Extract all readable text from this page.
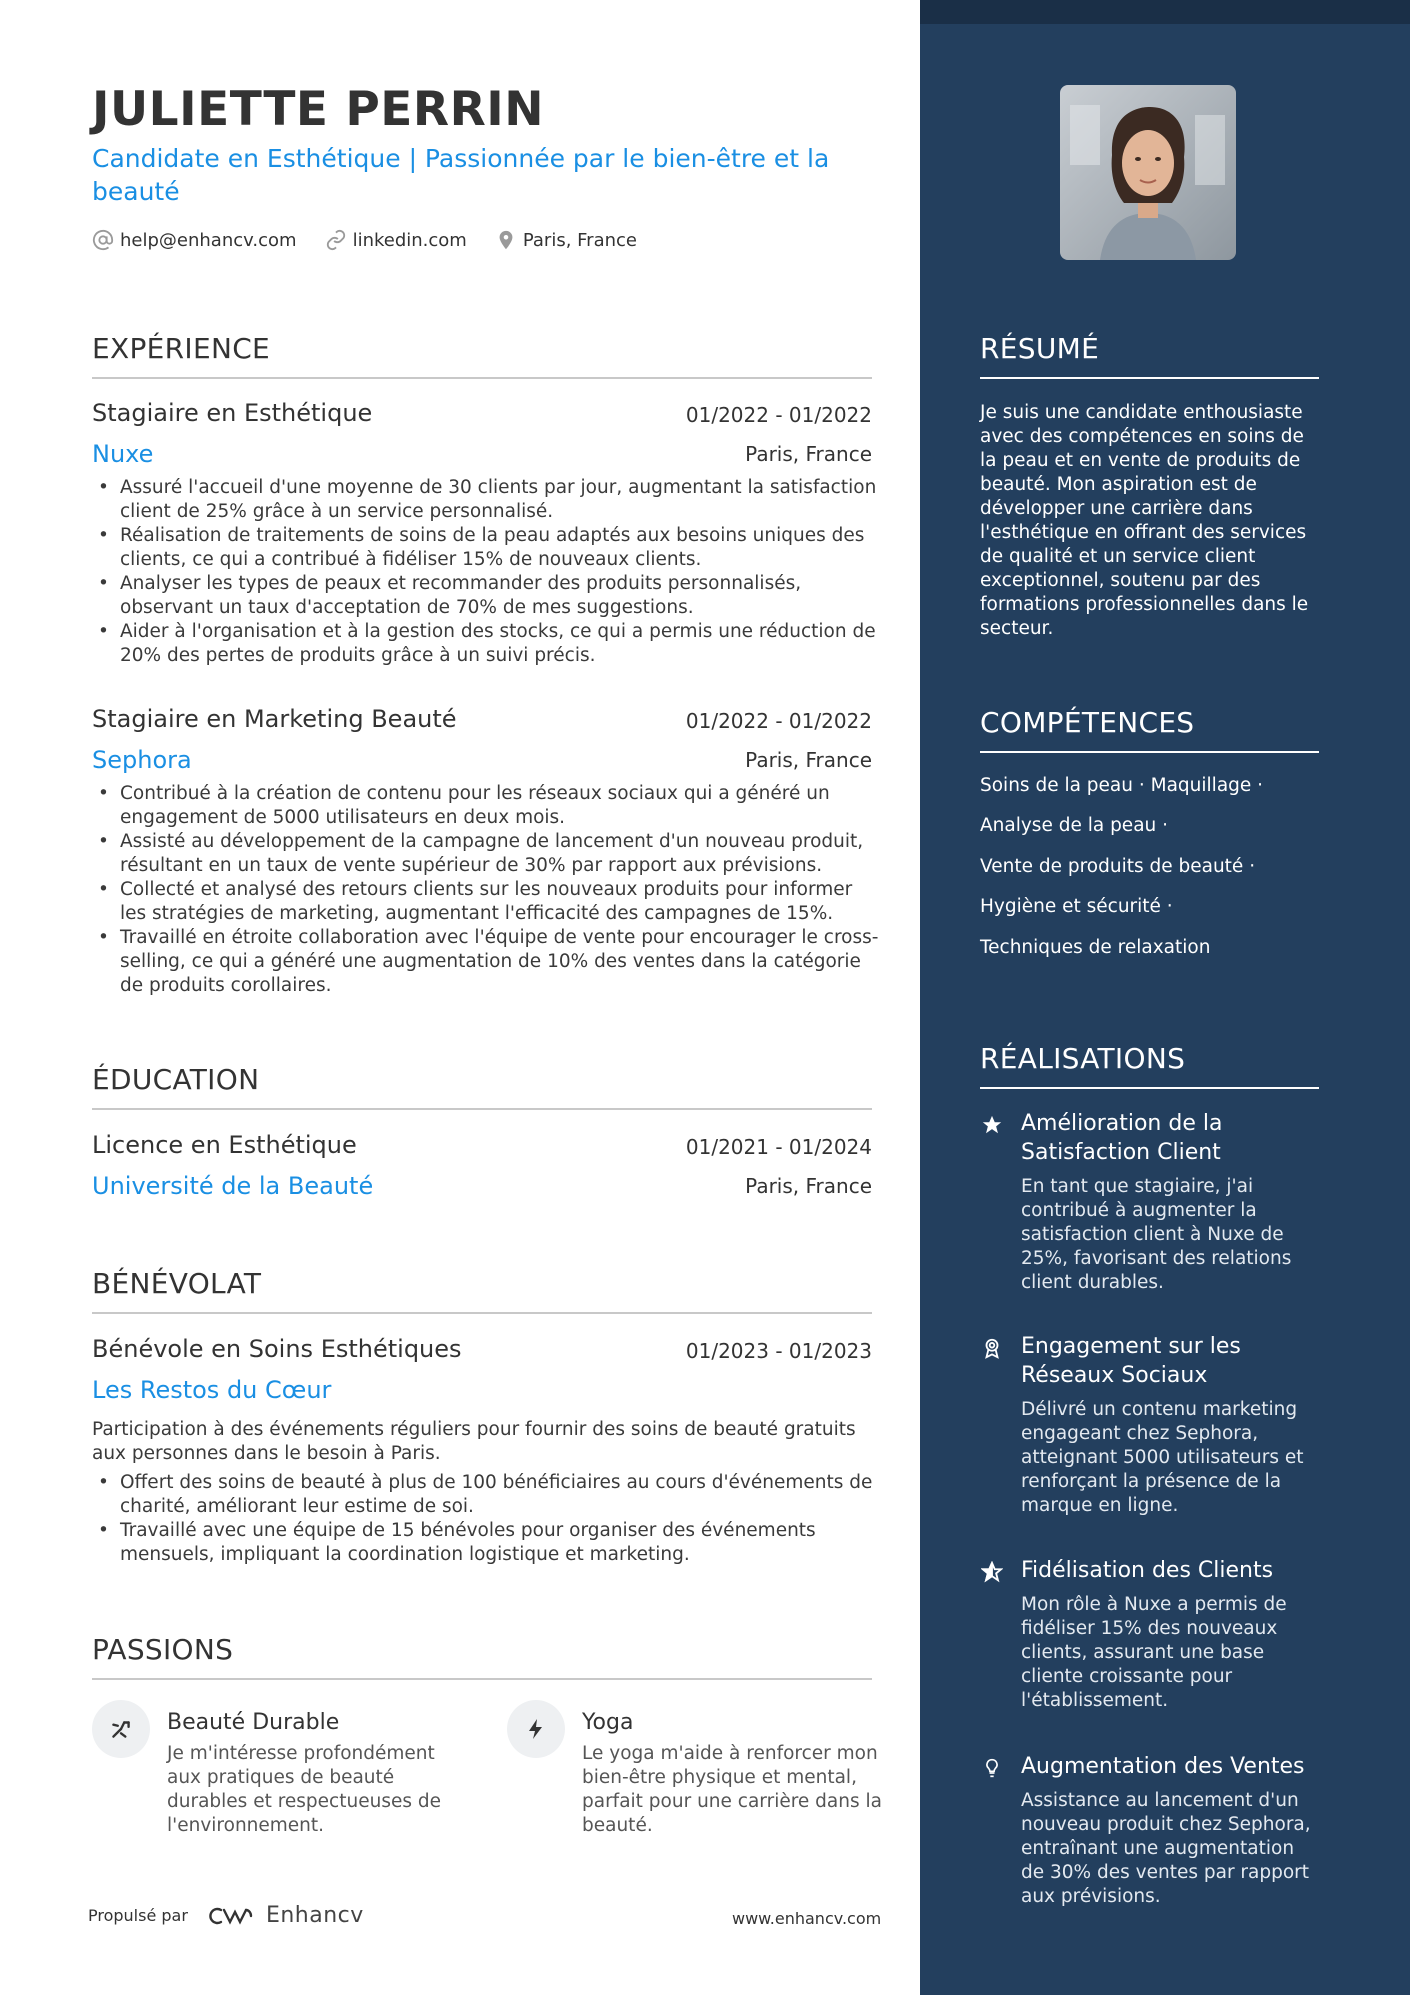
JULIETTE PERRIN
Candidate en Esthétique | Passionnée par le bien-être et la beauté
help@enhancv.com	linkedin.com	Paris, France
EXPÉRIENCE
Stagiaire en Esthétique	01/2022 - 01/2022
Nuxe	Paris, France
• Assuré l'accueil d'une moyenne de 30 clients par jour, augmentant la satisfaction client de 25% grâce à un service personnalisé.
• Réalisation de traitements de soins de la peau adaptés aux besoins uniques des clients, ce qui a contribué à fidéliser 15% de nouveaux clients.
• Analyser les types de peaux et recommander des produits personnalisés, observant un taux d'acceptation de 70% de mes suggestions.
• Aider à l'organisation et à la gestion des stocks, ce qui a permis une réduction de 20% des pertes de produits grâce à un suivi précis.
Stagiaire en Marketing Beauté	01/2022 - 01/2022
Sephora	Paris, France
• Contribué à la création de contenu pour les réseaux sociaux qui a généré un engagement de 5000 utilisateurs en deux mois.
• Assisté au développement de la campagne de lancement d'un nouveau produit, résultant en un taux de vente supérieur de 30% par rapport aux prévisions.
• Collecté et analysé des retours clients sur les nouveaux produits pour informer les stratégies de marketing, augmentant l'efficacité des campagnes de 15%.
• Travaillé en étroite collaboration avec l'équipe de vente pour encourager le cross-selling, ce qui a généré une augmentation de 10% des ventes dans la catégorie de produits corollaires.
ÉDUCATION
Licence en Esthétique	01/2021 - 01/2024
Université de la Beauté	Paris, France
BÉNÉVOLAT
Bénévole en Soins Esthétiques	01/2023 - 01/2023
Les Restos du Cœur
Participation à des événements réguliers pour fournir des soins de beauté gratuits aux personnes dans le besoin à Paris.
• Offert des soins de beauté à plus de 100 bénéficiaires au cours d'événements de charité, améliorant leur estime de soi.
• Travaillé avec une équipe de 15 bénévoles pour organiser des événements mensuels, impliquant la coordination logistique et marketing.
PASSIONS
Beauté Durable
Je m'intéresse profondément aux pratiques de beauté durables et respectueuses de l'environnement.
Yoga
Le yoga m'aide à renforcer mon bien-être physique et mental, parfait pour une carrière dans la beauté.
Propulsé par	Enhancv	www.enhancv.com
RÉSUMÉ
Je suis une candidate enthousiaste avec des compétences en soins de la peau et en vente de produits de beauté. Mon aspiration est de développer une carrière dans l'esthétique en offrant des services de qualité et un service client exceptionnel, soutenu par des formations professionnelles dans le secteur.
COMPÉTENCES
Soins de la peau · Maquillage ·
Analyse de la peau ·
Vente de produits de beauté ·
Hygiène et sécurité ·
Techniques de relaxation
RÉALISATIONS
Amélioration de la Satisfaction Client
En tant que stagiaire, j'ai contribué à augmenter la satisfaction client à Nuxe de 25%, favorisant des relations client durables.
Engagement sur les Réseaux Sociaux
Délivré un contenu marketing engageant chez Sephora, atteignant 5000 utilisateurs et renforçant la présence de la marque en ligne.
Fidélisation des Clients
Mon rôle à Nuxe a permis de fidéliser 15% des nouveaux clients, assurant une base cliente croissante pour l'établissement.
Augmentation des Ventes
Assistance au lancement d'un nouveau produit chez Sephora, entraînant une augmentation de 30% des ventes par rapport aux prévisions.
